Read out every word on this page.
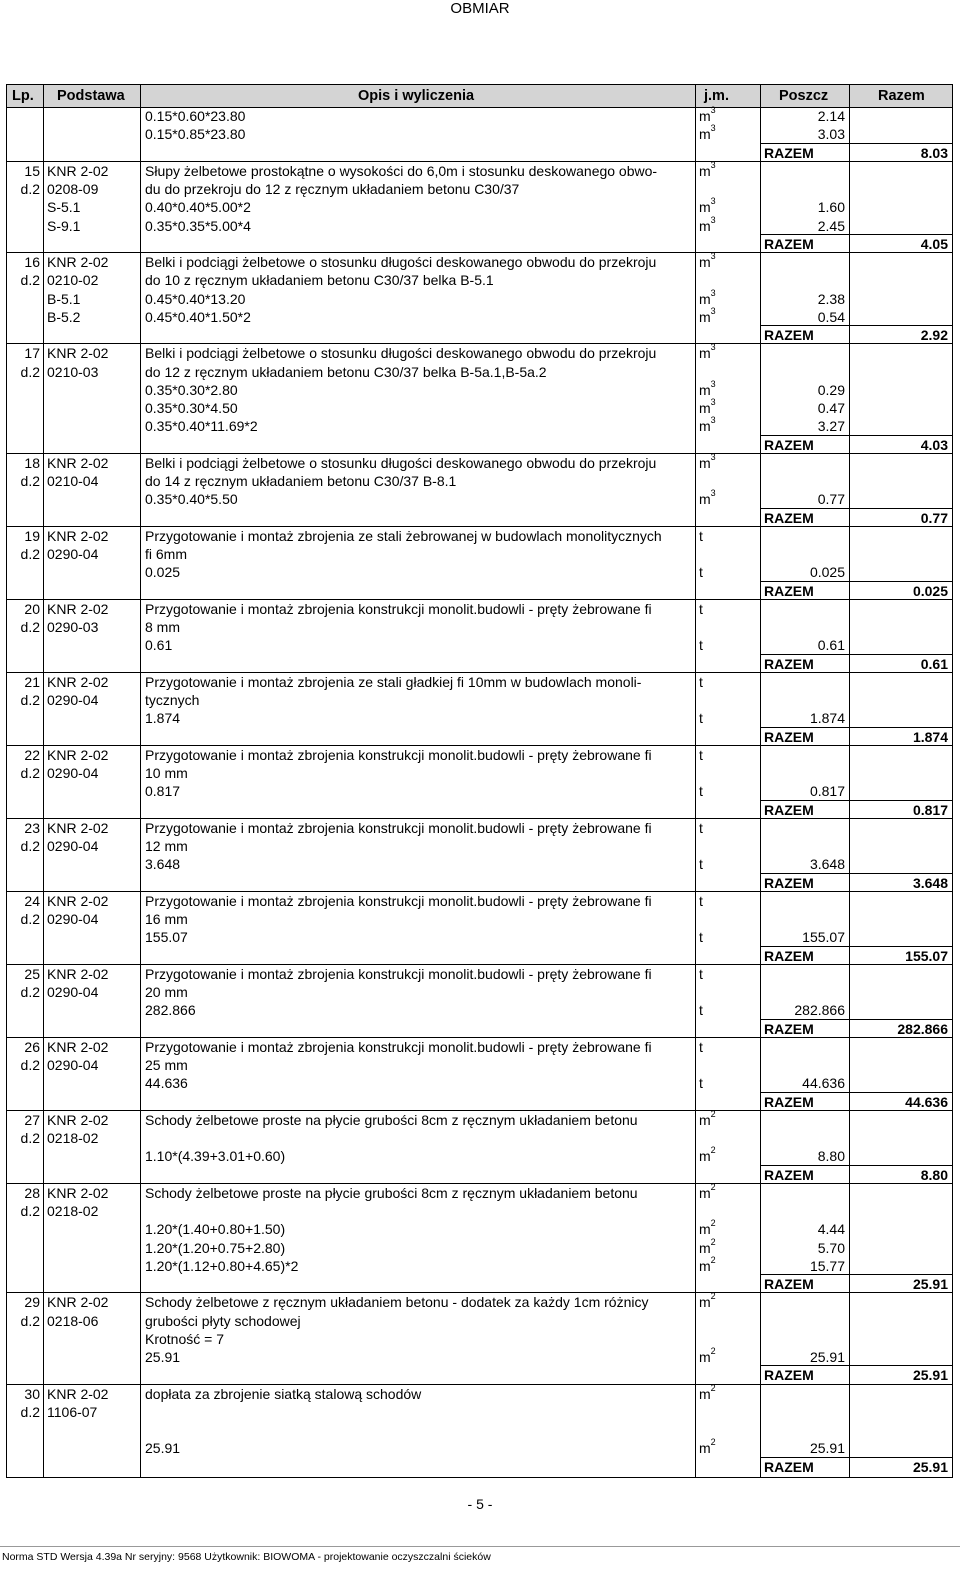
OBMIAR
Lp. Podstawa	Opis i wyliczenia	j.m.	Poszcz	Razem
0.15*0.60*23.80	$m^3$	2.14
0.15*0.85*23.80	$m^3$	3.03
RAZEM	8.03
15 KNR 2-02	Słupy żelbetowe prostokątne o wysokości do 6,0m i stosunku deskowanego obwo-	$m^3$
d.2 0208-09	du do przekroju do 12 z ręcznym układaniem betonu C30/37
S-5.1	0.40*0.40*5.00*2	$m^3$	1.60
S-9.1	0.35*0.35*5.00*4	$m^3$	2.45
RAZEM	4.05
16 KNR 2-02	Belki i podciągi żelbetowe o stosunku długości deskowanego obwodu do przekroju	$m^3$
d.2 0210-02	do 10 z ręcznym układaniem betonu C30/37 belka B-5.1
B-5.1	0.45*0.40*13.20	$m^3$	2.38
B-5.2	0.45*0.40*1.50*2	$m^3$	0.54
RAZEM	2.92
17 KNR 2-02	Belki i podciągi żelbetowe o stosunku długości deskowanego obwodu do przekroju	$m^3$
d.2 0210-03	do 12 z ręcznym układaniem betonu C30/37 belka B-5a.1,B-5a.2
0.35*0.30*2.80	$m^3$	0.29
0.35*0.30*4.50	$m^3$	0.47
0.35*0.40*11.69*2	$m^3$	3.27
RAZEM	4.03
18 KNR 2-02	Belki i podciągi żelbetowe o stosunku długości deskowanego obwodu do przekroju	$m^3$
d.2 0210-04	do 14 z ręcznym układaniem betonu C30/37 B-8.1
0.35*0.40*5.50	$m^3$	0.77
RAZEM	0.77
19 KNR 2-02	Przygotowanie i montaż zbrojenia ze stali żebrowanej w budowlach monolitycznych	t
d.2 0290-04	fi 6mm
0.025	t	0.025
RAZEM	0.025
20 KNR 2-02	Przygotowanie i montaż zbrojenia konstrukcji monolit.budowli - pręty żebrowane fi	t
d.2 0290-03	8 mm
0.61	t	0.61
RAZEM	0.61
21 KNR 2-02	Przygotowanie i montaż zbrojenia ze stali gładkiej fi 10mm w budowlach monoli-	t
d.2 0290-04	tycznych
1.874	t	1.874
RAZEM	1.874
22 KNR 2-02	Przygotowanie i montaż zbrojenia konstrukcji monolit.budowli - pręty żebrowane fi	t
d.2 0290-04	10 mm
0.817	t	0.817
RAZEM	0.817
23 KNR 2-02	Przygotowanie i montaż zbrojenia konstrukcji monolit.budowli - pręty żebrowane fi	t
d.2 0290-04	12 mm
3.648	t	3.648
RAZEM	3.648
24 KNR 2-02	Przygotowanie i montaż zbrojenia konstrukcji monolit.budowli - pręty żebrowane fi	t
d.2 0290-04	16 mm
155.07	t	155.07
RAZEM	155.07
25 KNR 2-02	Przygotowanie i montaż zbrojenia konstrukcji monolit.budowli - pręty żebrowane fi	t
d.2 0290-04	20 mm
282.866	t	282.866
RAZEM	282.866
26 KNR 2-02	Przygotowanie i montaż zbrojenia konstrukcji monolit.budowli - pręty żebrowane fi	t
d.2 0290-04	25 mm
44.636	t	44.636
RAZEM	44.636
27 KNR 2-02	Schody żelbetowe proste na płycie grubości 8cm z ręcznym układaniem betonu	$m^2$
d.2 0218-02
1.10*(4.39+3.01+0.60)	$m^2$	8.80
RAZEM	8.80
28 KNR 2-02	Schody żelbetowe proste na płycie grubości 8cm z ręcznym układaniem betonu	$m^2$
d.2 0218-02
1.20*(1.40+0.80+1.50)	$m^2$	4.44
1.20*(1.20+0.75+2.80)	$m^2$	5.70
1.20*(1.12+0.80+4.65)*2	$m^2$	15.77
RAZEM	25.91
29 KNR 2-02	Schody żelbetowe z ręcznym układaniem betonu - dodatek za każdy 1cm różnicy	$m^2$
d.2 0218-06	grubości płyty schodowej
Krotność = 7
25.91	$m^2$	25.91
RAZEM	25.91
30 KNR 2-02	dopłata za zbrojenie siatką stalową schodów	$m^2$
d.2 1106-07
25.91	$m^2$	25.91
RAZEM	25.91
- 5 -
Norma STD Wersja 4.39a Nr seryjny: 9568 Użytkownik: BIOWOMA - projektowanie oczyszczalni ścieków
